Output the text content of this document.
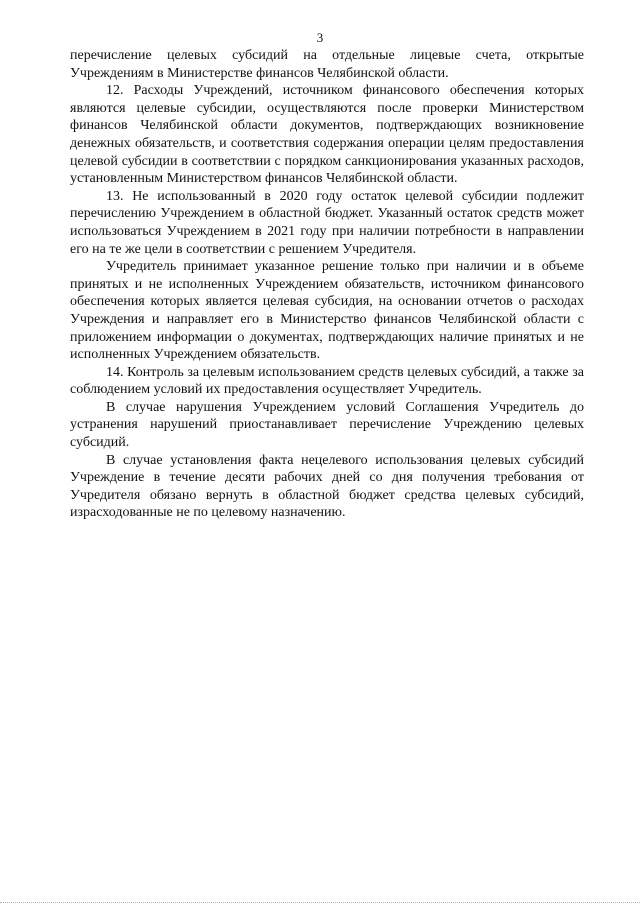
3

перечисление целевых субсидий на отдельные лицевые счета, открытые Учреждениям в Министерстве финансов Челябинской области.

12. Расходы Учреждений, источником финансового обеспечения которых являются целевые субсидии, осуществляются после проверки Министерством финансов Челябинской области документов, подтверждающих возникновение денежных обязательств, и соответствия содержания операции целям предоставления целевой субсидии в соответствии с порядком санкционирования указанных расходов, установленным Министерством финансов Челябинской области.

13. Не использованный в 2020 году остаток целевой субсидии подлежит перечислению Учреждением в областной бюджет. Указанный остаток средств может использоваться Учреждением в 2021 году при наличии потребности в направлении его на те же цели в соответствии с решением Учредителя.

Учредитель принимает указанное решение только при наличии и в объеме принятых и не исполненных Учреждением обязательств, источником финансового обеспечения которых является целевая субсидия, на основании отчетов о расходах Учреждения и направляет его в Министерство финансов Челябинской области с приложением информации о документах, подтверждающих наличие принятых и не исполненных Учреждением обязательств.

14. Контроль за целевым использованием средств целевых субсидий, а также за соблюдением условий их предоставления осуществляет Учредитель.

В случае нарушения Учреждением условий Соглашения Учредитель до устранения нарушений приостанавливает перечисление Учреждению целевых субсидий.

В случае установления факта нецелевого использования целевых субсидий Учреждение в течение десяти рабочих дней со дня получения требования от Учредителя обязано вернуть в областной бюджет средства целевых субсидий, израсходованные не по целевому назначению.
